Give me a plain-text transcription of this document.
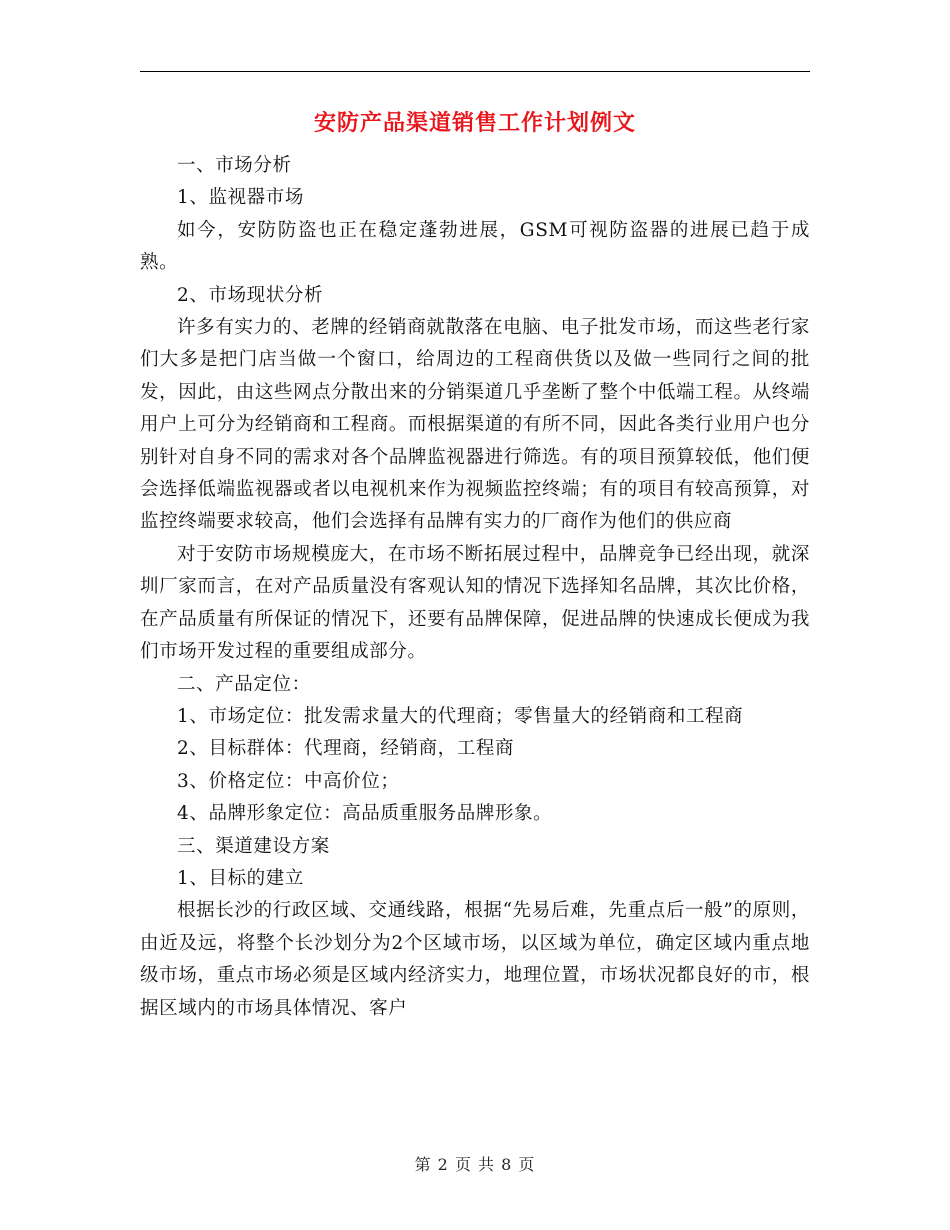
安防产品渠道销售工作计划例文

一、市场分析

1、监视器市场

如今，安防防盗也正在稳定蓬勃进展，GSM可视防盗器的进展已趋于成熟。

2、市场现状分析

许多有实力的、老牌的经销商就散落在电脑、电子批发市场，而这些老行家们大多是把门店当做一个窗口，给周边的工程商供货以及做一些同行之间的批发，因此，由这些网点分散出来的分销渠道几乎垄断了整个中低端工程。从终端用户上可分为经销商和工程商。而根据渠道的有所不同，因此各类行业用户也分别针对自身不同的需求对各个品牌监视器进行筛选。有的项目预算较低，他们便会选择低端监视器或者以电视机来作为视频监控终端；有的项目有较高预算，对监控终端要求较高，他们会选择有品牌有实力的厂商作为他们的供应商

对于安防市场规模庞大，在市场不断拓展过程中，品牌竞争已经出现，就深圳厂家而言，在对产品质量没有客观认知的情况下选择知名品牌，其次比价格，在产品质量有所保证的情况下，还要有品牌保障，促进品牌的快速成长便成为我们市场开发过程的重要组成部分。

二、产品定位：

1、市场定位：批发需求量大的代理商；零售量大的经销商和工程商

2、目标群体：代理商，经销商，工程商

3、价格定位：中高价位；

4、品牌形象定位：高品质重服务品牌形象。

三、渠道建设方案

1、目标的建立

根据长沙的行政区域、交通线路，根据“先易后难，先重点后一般”的原则，由近及远，将整个长沙划分为2个区域市场，以区域为单位，确定区域内重点地级市场，重点市场必须是区域内经济实力，地理位置，市场状况都良好的市，根据区域内的市场具体情况、客户

第 2 页 共 8 页
